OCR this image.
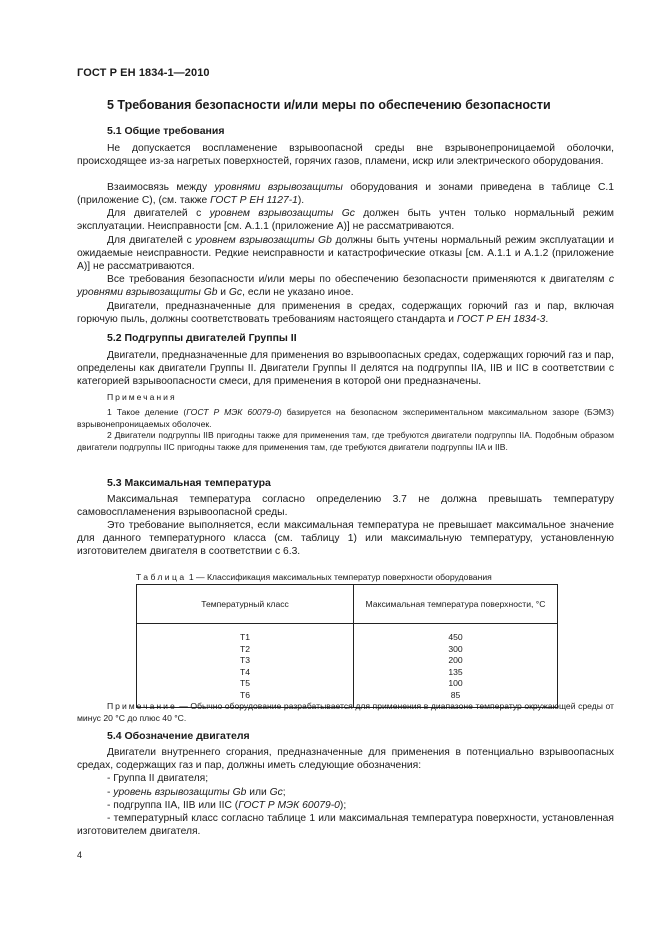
ГОСТ Р ЕН 1834-1—2010
5 Требования безопасности и/или меры по обеспечению безопасности
5.1 Общие требования
Не допускается воспламенение взрывоопасной среды вне взрывонепроницаемой оболочки, происходящее из-за нагретых поверхностей, горячих газов, пламени, искр или электрического оборудования.
Взаимосвязь между уровнями взрывозащиты оборудования и зонами приведена в таблице С.1 (приложение С), (см. также ГОСТ Р ЕН 1127-1).
Для двигателей с уровнем взрывозащиты Gc должен быть учтен только нормальный режим эксплуатации. Неисправности [см. А.1.1 (приложение А)] не рассматриваются.
Для двигателей с уровнем взрывозащиты Gb должны быть учтены нормальный режим эксплуатации и ожидаемые неисправности. Редкие неисправности и катастрофические отказы [см. А.1.1 и А.1.2 (приложение А)] не рассматриваются.
Все требования безопасности и/или меры по обеспечению безопасности применяются к двигателям с уровнями взрывозащиты Gb и Gc, если не указано иное.
Двигатели, предназначенные для применения в средах, содержащих горючий газ и пар, включая горючую пыль, должны соответствовать требованиям настоящего стандарта и ГОСТ Р ЕН 1834-3.
5.2 Подгруппы двигателей Группы II
Двигатели, предназначенные для применения во взрывоопасных средах, содержащих горючий газ и пар, определены как двигатели Группы II. Двигатели Группы II делятся на подгруппы IIA, IIB и IIC в соответствии с категорией взрывоопасности смеси, для применения в которой они предназначены.
Примечания
1 Такое деление (ГОСТ Р МЭК 60079-0) базируется на безопасном экспериментальном максимальном зазоре (БЭМЗ) взрывонепроницаемых оболочек.
2 Двигатели подгруппы IIB пригодны также для применения там, где требуются двигатели подгруппы IIA. Подобным образом двигатели подгруппы IIC пригодны также для применения там, где требуются двигатели подгруппы IIA и IIB.
5.3 Максимальная температура
Максимальная температура согласно определению 3.7 не должна превышать температуру самовоспламенения взрывоопасной среды.
Это требование выполняется, если максимальная температура не превышает максимальное значение для данного температурного класса (см. таблицу 1) или максимальную температуру, установленную изготовителем двигателя в соответствии с 6.3.
Таблица 1 — Классификация максимальных температур поверхности оборудования
Температурный класс	Максимальная температура поверхности, °С
T1	450
T2	300
T3	200
T4	135
T5	100
T6	85
Примечание — Обычно оборудование разрабатывается для применения в диапазоне температур окружающей среды от минус 20 °С до плюс 40 °С.
5.4 Обозначение двигателя
Двигатели внутреннего сгорания, предназначенные для применения в потенциально взрывоопасных средах, содержащих газ и пар, должны иметь следующие обозначения:
- Группа II двигателя;
- уровень взрывозащиты Gb или Gc;
- подгруппа IIA, IIB или IIC (ГОСТ Р МЭК 60079-0);
- температурный класс согласно таблице 1 или максимальная температура поверхности, установленная изготовителем двигателя.
4
